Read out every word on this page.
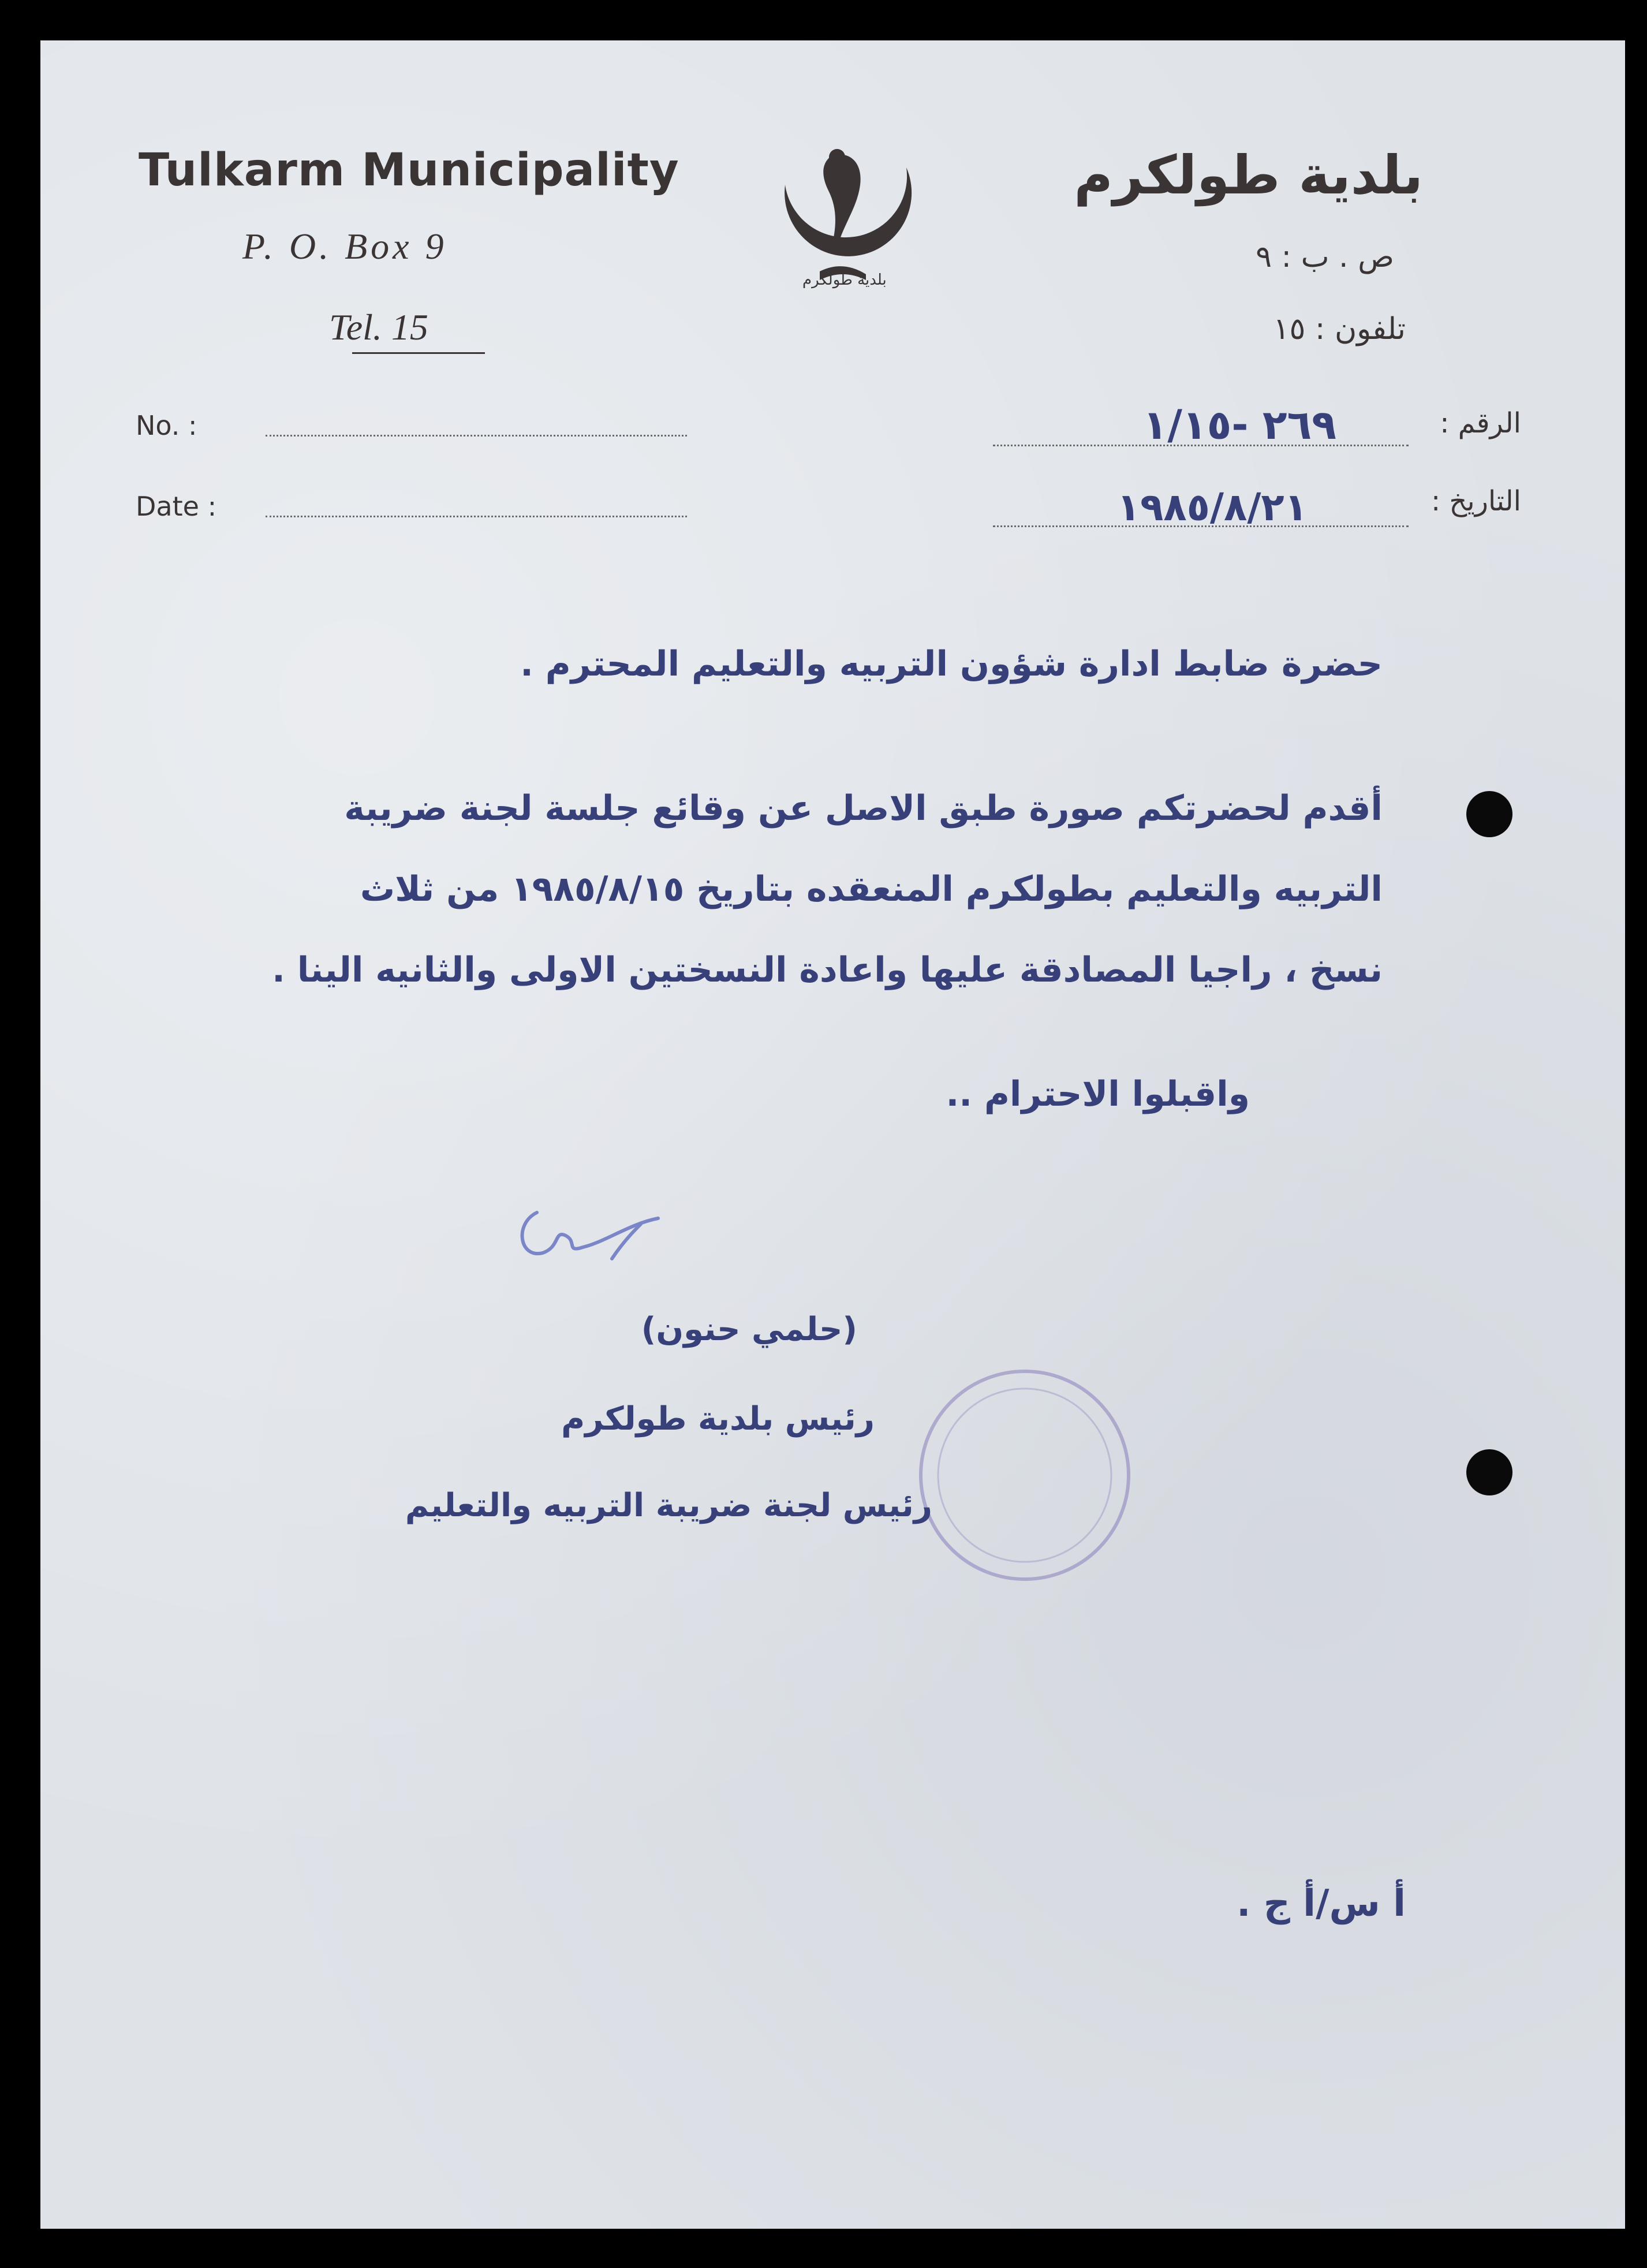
Tulkarm Municipality
P. O. Box 9
Tel. 15
بلدية طولكرم
بلدية طولكرم
ص . ب : ٩
تلفون : ١٥
No. :
Date :
الرقم :
٢٦٩ -١/١٥
التاريخ :
١٩٨٥/٨/٢١
حضرة ضابط ادارة شؤون التربيه والتعليم المحترم .
أقدم لحضرتكم صورة طبق الاصل عن وقائع جلسة لجنة ضريبة
التربيه والتعليم بطولكرم المنعقده بتاريخ ١٩٨٥/٨/١٥ من ثلاث
نسخ ، راجيا المصادقة عليها واعادة النسختين الاولى والثانيه الينا .
واقبلوا الاحترام ..
(حلمي حنون)
رئيس بلدية طولكرم
رئيس لجنة ضريبة التربيه والتعليم
أ س/أ ج .
